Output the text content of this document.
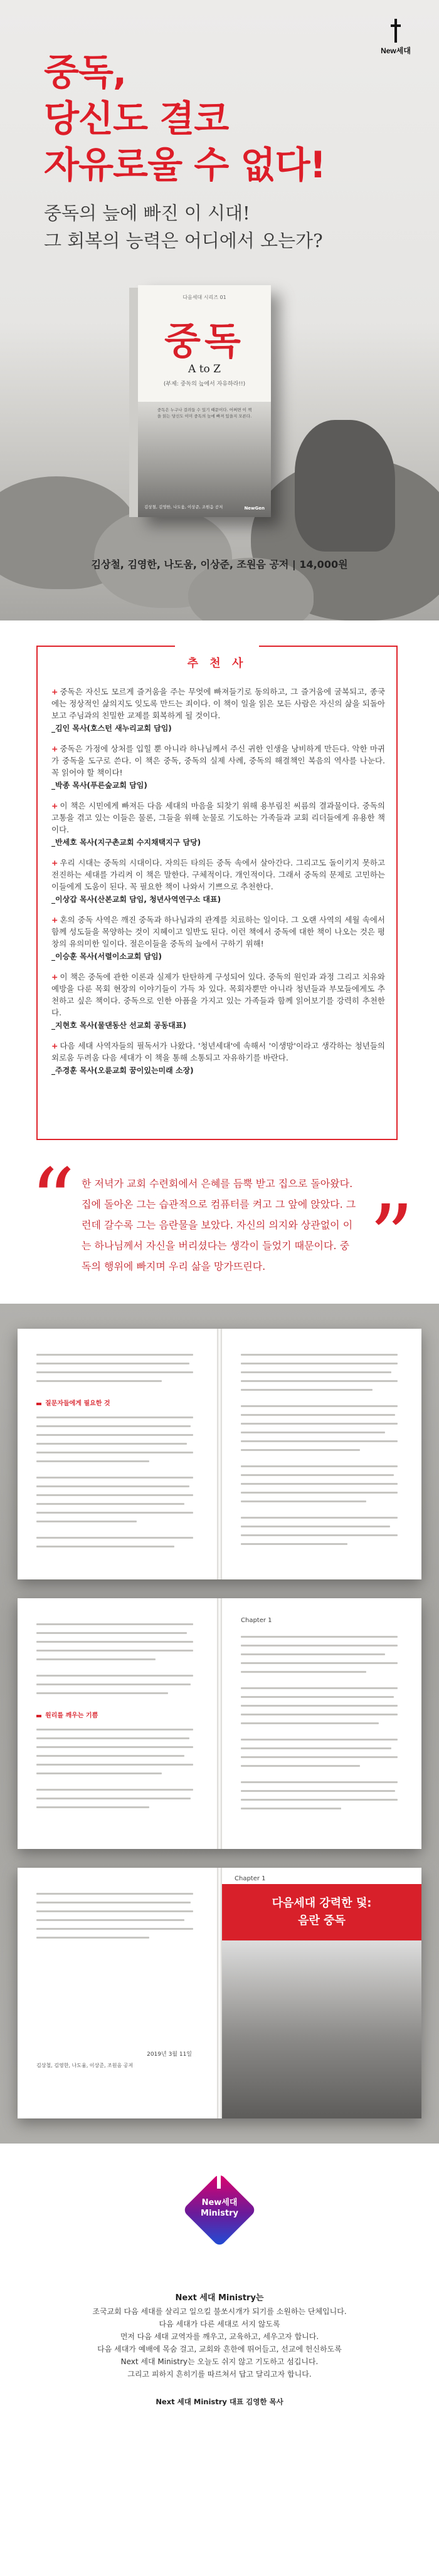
New세대
중독,
당신도 결코
자유로울 수 없다!
중독의 늪에 빠진 이 시대!
그 회복의 능력은 어디에서 오는가?
다음세대 시리즈 01
중독
A to Z
(부제: 중독의 늪에서 자유하라!!)
중독은 누구나 걸려들 수 있기 때문이다. 어쩌면 이 책을 읽는 당신도 이미 중독의 늪에 빠져 있을지 모른다.
김상철, 김영한, 나도움, 이상준, 조원음 공저	NewGen
김상철, 김영한, 나도움, 이상준, 조원음 공저 | 14,000원
추 천 사

+ 중독은 자신도 모르게 즐거움을 주는 무엇에 빠져들기로 동의하고, 그 즐거움에 굴복되고, 종국에는 정상적인 삶의지도 잊도록 만드는 죄이다. 이 책이 일을 읽은 모든 사람은 자신의 삶을 되돌아보고 주님과의 친밀한 교제를 회복하게 될 것이다.

_김인 목사(호스턴 새누리교회 담임)

+ 중독은 가정에 상처를 입힐 뿐 아니라 하나님께서 주신 귀한 인생을 낭비하게 만든다. 악한 마귀가 중독을 도구로 쓴다. 이 책은 중독, 중독의 실제 사례, 중독의 해결책인 복음의 역사를 나눈다. 꼭 읽어야 할 책이다!

_박종 목사(푸른숲교회 담임)

+ 이 책은 시민에게 빠져든 다음 세대의 마음을 되찾기 위해 용부림친 씨름의 결과물이다. 중독의 고통을 겪고 있는 이들은 물론, 그들을 위해 눈물로 기도하는 가족들과 교회 리더들에게 유용한 책이다.

_반세호 목사(지구촌교회 수지채택지구 담당)

+ 우리 시대는 중독의 시대이다. 자의든 타의든 중독 속에서 살아간다. 그리고도 돌이키지 못하고 전진하는 세대를 가리켜 이 책은 말한다. 구체적이다. 개인적이다. 그래서 중독의 문제로 고민하는 이들에게 도움이 된다. 꼭 필요한 책이 나와서 기쁘으로 추천한다.

_이상갑 목사(산본교회 담임, 청년사역연구소 대표)

+ 혼의 중독 사역은 깨진 중독과 하나님과의 관계를 치료하는 일이다. 그 오랜 사역의 세월 속에서 함께 성도들을 목양하는 것이 지혜이고 일반도 된다. 이런 책에서 중독에 대한 책이 나오는 것은 평창의 유의미한 일이다. 절은이들을 중독의 늪에서 구하기 위해!

_이승훈 목사(서렬이소교회 담임)

+ 이 책은 중독에 관한 이론과 실제가 탄탄하게 구성되어 있다. 중독의 원인과 과정 그리고 치유와 예방을 다룬 목회 현장의 이야기들이 가득 차 있다. 목회자뿐만 아니라 청년들과 부모들에게도 추천하고 싶은 책이다. 중독으로 인한 아픔을 가지고 있는 가족들과 함께 읽어보기를 강력히 추천한다.

_지현호 목사(물댄동산 선교회 공동대표)

+ 다음 세대 사역자들의 필독서가 나왔다. '청년세대'에 속해서 '이생망'이라고 생각하는 청년들의 외로움 두려움 다음 세대가 이 책을 통해 소통되고 자유하기를 바란다.

_주경훈 목사(오륜교회 꿈이있는미래 소장)

“ 한 저녁가 교회 수련회에서 은혜를 듬뿍 받고 집으로 돌아왔다. 집에 돌아온 그는 습관적으로 컴퓨터를 켜고 그 앞에 앉았다. 그런데 갈수록 그는 음란물을 보았다. 자신의 의지와 상관없이 이는 하나님께서 자신을 버리셨다는 생각이 들었기 때문이다. 중독의 행위에 빠지며 우리 삶을 망가뜨린다.	”
질문자들에게 필요한 것
원리를 깨우는 기쁨
Chapter 1
2019년 3월 11일
김상철, 김영한, 나도움, 이상준, 조원음 공저
Chapter 1
다음세대 강력한 덫:
음란 중독
New세대
Ministry

Next 세대 Ministry는

조국교회 다음 세대를 살리고 일으킬 불쏘시개가 되기를 소원하는 단체입니다.

다음 세대가 다른 세대로 서지 않도록

먼저 다음 세대 교역자를 깨우고, 교육하고, 세우고자 합니다.

다음 세대가 예배에 목숨 걸고, 교회와 흔한에 뛰어들고, 선교에 헌신하도록

Next 세대 Ministry는 오늘도 쉬지 않고 기도하고 섬깁니다.

그리고 피하지 흔히기를 따르쳐서 답고 달리고자 합니다.

Next 세대 Ministry 대표 김영한 목사
